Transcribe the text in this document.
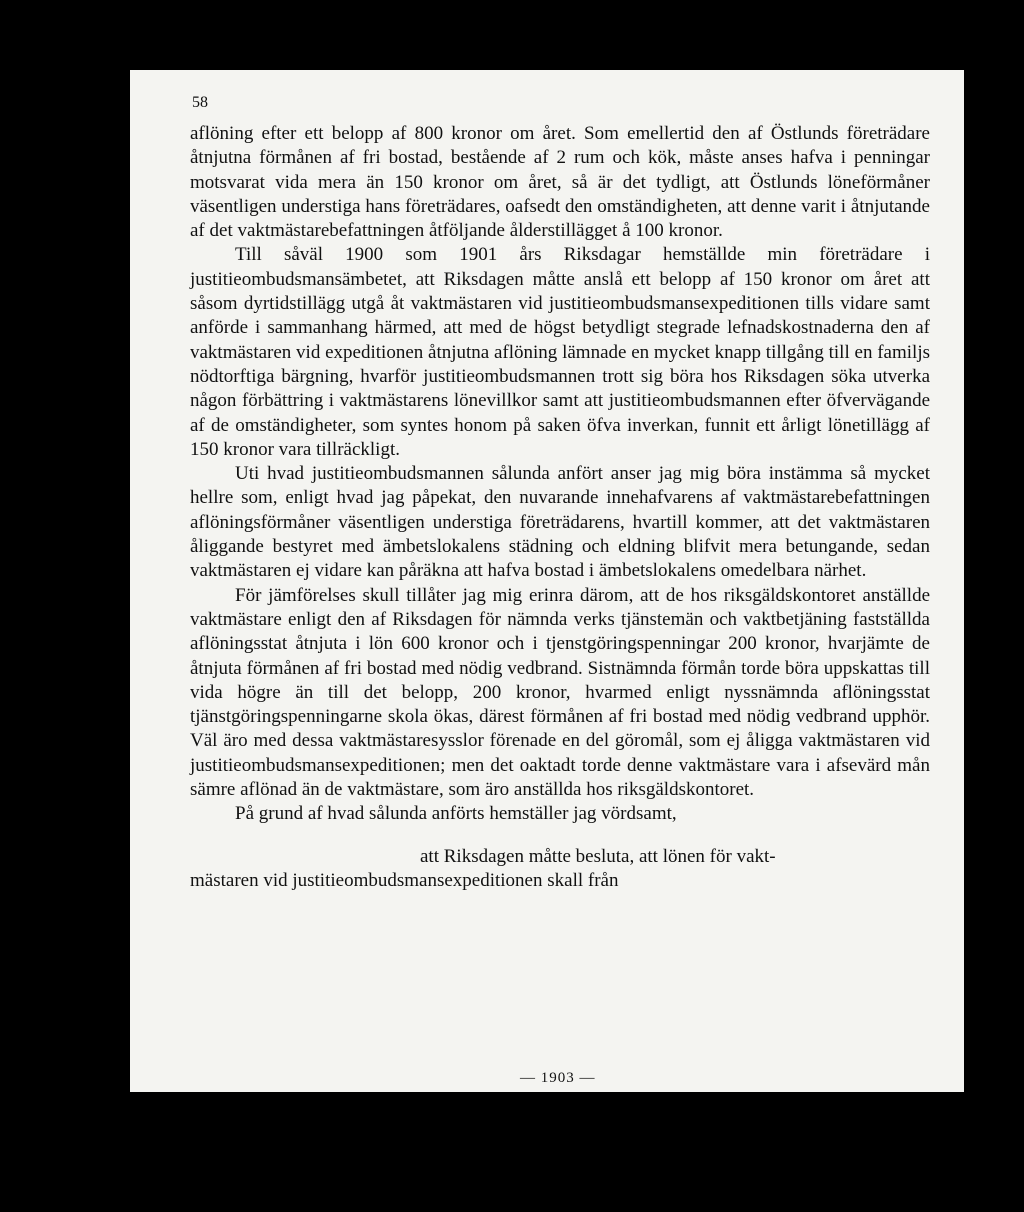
58

aflöning efter ett belopp af 800 kronor om året. Som emellertid den af Östlunds företrädare åtnjutna förmånen af fri bostad, bestående af 2 rum och kök, måste anses hafva i penningar motsvarat vida mera än 150 kronor om året, så är det tydligt, att Östlunds löneförmåner väsentligen understiga hans företrädares, oafsedt den omständigheten, att denne varit i åtnjutande af det vaktmästarebefattningen åtföljande ålderstillägget å 100 kronor.

Till såväl 1900 som 1901 års Riksdagar hemställde min företrädare i justitieombudsmansämbetet, att Riksdagen måtte anslå ett belopp af 150 kronor om året att såsom dyrtidstillägg utgå åt vaktmästaren vid justitieombudsmansexpeditionen tills vidare samt anförde i sammanhang härmed, att med de högst betydligt stegrade lefnadskostnaderna den af vaktmästaren vid expeditionen åtnjutna aflöning lämnade en mycket knapp tillgång till en familjs nödtorftiga bärgning, hvarför justitieombudsmannen trott sig böra hos Riksdagen söka utverka någon förbättring i vaktmästarens lönevillkor samt att justitieombudsmannen efter öfvervägande af de omständigheter, som syntes honom på saken öfva inverkan, funnit ett årligt lönetillägg af 150 kronor vara tillräckligt.

Uti hvad justitieombudsmannen sålunda anfört anser jag mig böra instämma så mycket hellre som, enligt hvad jag påpekat, den nuvarande innehafvarens af vaktmästarebefattningen aflöningsförmåner väsentligen understiga företrädarens, hvartill kommer, att det vaktmästaren åliggande bestyret med ämbetslokalens städning och eldning blifvit mera betungande, sedan vaktmästaren ej vidare kan påräkna att hafva bostad i ämbetslokalens omedelbara närhet.

För jämförelses skull tillåter jag mig erinra därom, att de hos riksgäldskontoret anställde vaktmästare enligt den af Riksdagen för nämnda verks tjänstemän och vaktbetjäning fastställda aflöningsstat åtnjuta i lön 600 kronor och i tjenstgöringspenningar 200 kronor, hvarjämte de åtnjuta förmånen af fri bostad med nödig vedbrand. Sistnämnda förmån torde böra uppskattas till vida högre än till det belopp, 200 kronor, hvarmed enligt nyssnämnda aflöningsstat tjänstgöringspenningarne skola ökas, därest förmånen af fri bostad med nödig vedbrand upphör. Väl äro med dessa vaktmästaresysslor förenade en del göromål, som ej åligga vaktmästaren vid justitieombudsmansexpeditionen; men det oaktadt torde denne vaktmästare vara i afsevärd mån sämre aflönad än de vaktmästare, som äro anställda hos riksgäldskontoret.

På grund af hvad sålunda anförts hemställer jag vördsamt,

att Riksdagen måtte besluta, att lönen för vakt-

mästaren vid justitieombudsmansexpeditionen skall från

— 1903 —
